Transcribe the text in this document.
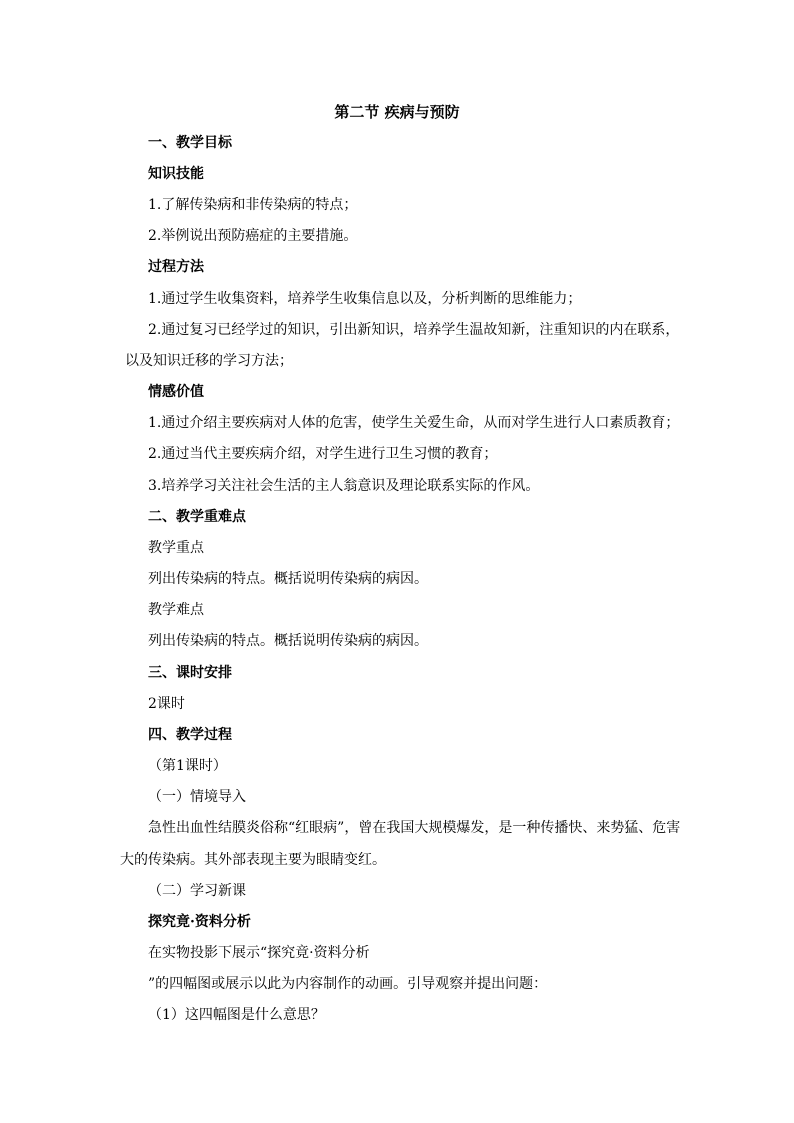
第二节 疾病与预防
一、教学目标
知识技能
1.了解传染病和非传染病的特点；
2.举例说出预防癌症的主要措施。
过程方法
1.通过学生收集资料，培养学生收集信息以及，分析判断的思维能力；
2.通过复习已经学过的知识，引出新知识，培养学生温故知新，注重知识的内在联系，
以及知识迁移的学习方法；
情感价值
1.通过介绍主要疾病对人体的危害，使学生关爱生命，从而对学生进行人口素质教育；
2.通过当代主要疾病介绍，对学生进行卫生习惯的教育；
3.培养学习关注社会生活的主人翁意识及理论联系实际的作风。
二、教学重难点
教学重点
列出传染病的特点。概括说明传染病的病因。
教学难点
列出传染病的特点。概括说明传染病的病因。
三、课时安排
2课时
四、教学过程
（第1课时）
（一）情境导入
急性出血性结膜炎俗称“红眼病”，曾在我国大规模爆发，是一种传播快、来势猛、危害
大的传染病。其外部表现主要为眼睛变红。
（二）学习新课
探究竟·资料分析
在实物投影下展示“探究竟·资料分析
”的四幅图或展示以此为内容制作的动画。引导观察并提出问题：
（1）这四幅图是什么意思？
